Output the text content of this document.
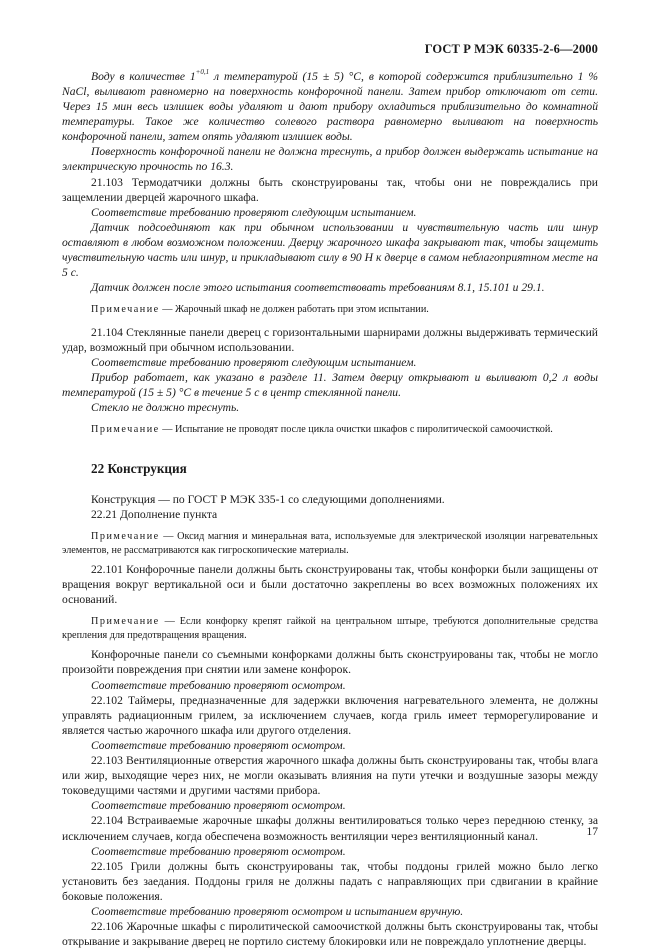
ГОСТ Р МЭК 60335-2-6—2000

Воду в количестве $1^{+0,1}$ л температурой (15 ± 5) °С, в которой содержится приблизительно 1 % NaCl, выливают равномерно на поверхность конфорочной панели. Затем прибор отключают от сети. Через 15 мин весь излишек воды удаляют и дают прибору охладиться приблизительно до комнатной температуры. Такое же количество солевого раствора равномерно выливают на поверхность конфорочной панели, затем опять удаляют излишек воды.

Поверхность конфорочной панели не должна треснуть, а прибор должен выдержать испытание на электрическую прочность по 16.3.

21.103 Термодатчики должны быть сконструированы так, чтобы они не повреждались при защемлении дверцей жарочного шкафа.

Соответствие требованию проверяют следующим испытанием.

Датчик подсоединяют как при обычном использовании и чувствительную часть или шнур оставляют в любом возможном положении. Дверцу жарочного шкафа закрывают так, чтобы защемить чувствительную часть или шнур, и прикладывают силу в 90 Н к дверце в самом неблагоприятном месте на 5 с.

Датчик должен после этого испытания соответствовать требованиям 8.1, 15.101 и 29.1.

Примечание — Жарочный шкаф не должен работать при этом испытании.

21.104 Стеклянные панели дверец с горизонтальными шарнирами должны выдерживать термический удар, возможный при обычном использовании.

Соответствие требованию проверяют следующим испытанием.

Прибор работает, как указано в разделе 11. Затем дверцу открывают и выливают 0,2 л воды температурой (15 ± 5) °С в течение 5 с в центр стеклянной панели.

Стекло не должно треснуть.

Примечание — Испытание не проводят после цикла очистки шкафов с пиролитической самоочисткой.

22 Конструкция

Конструкция — по ГОСТ Р МЭК 335-1 со следующими дополнениями.

22.21 Дополнение пункта

Примечание — Оксид магния и минеральная вата, используемые для электрической изоляции нагревательных элементов, не рассматриваются как гигроскопические материалы.

22.101 Конфорочные панели должны быть сконструированы так, чтобы конфорки были защищены от вращения вокруг вертикальной оси и были достаточно закреплены во всех возможных положениях их оснований.

Примечание — Если конфорку крепят гайкой на центральном штыре, требуются дополнительные средства крепления для предотвращения вращения.

Конфорочные панели со съемными конфорками должны быть сконструированы так, чтобы не могло произойти повреждения при снятии или замене конфорок.

Соответствие требованию проверяют осмотром.

22.102 Таймеры, предназначенные для задержки включения нагревательного элемента, не должны управлять радиационным грилем, за исключением случаев, когда гриль имеет терморегулирование и является частью жарочного шкафа или другого отделения.

Соответствие требованию проверяют осмотром.

22.103 Вентиляционные отверстия жарочного шкафа должны быть сконструированы так, чтобы влага или жир, выходящие через них, не могли оказывать влияния на пути утечки и воздушные зазоры между токоведущими частями и другими частями прибора.

Соответствие требованию проверяют осмотром.

22.104 Встраиваемые жарочные шкафы должны вентилироваться только через переднюю стенку, за исключением случаев, когда обеспечена возможность вентиляции через вентиляционный канал.

Соответствие требованию проверяют осмотром.

22.105 Грили должны быть сконструированы так, чтобы поддоны грилей можно было легко установить без заедания. Поддоны гриля не должны падать с направляющих при сдвигании в крайние боковые положения.

Соответствие требованию проверяют осмотром и испытанием вручную.

22.106 Жарочные шкафы с пиролитической самоочисткой должны быть сконструированы так, чтобы открывание и закрывание дверец не портило систему блокировки или не повреждало уплотнение дверцы.

17
